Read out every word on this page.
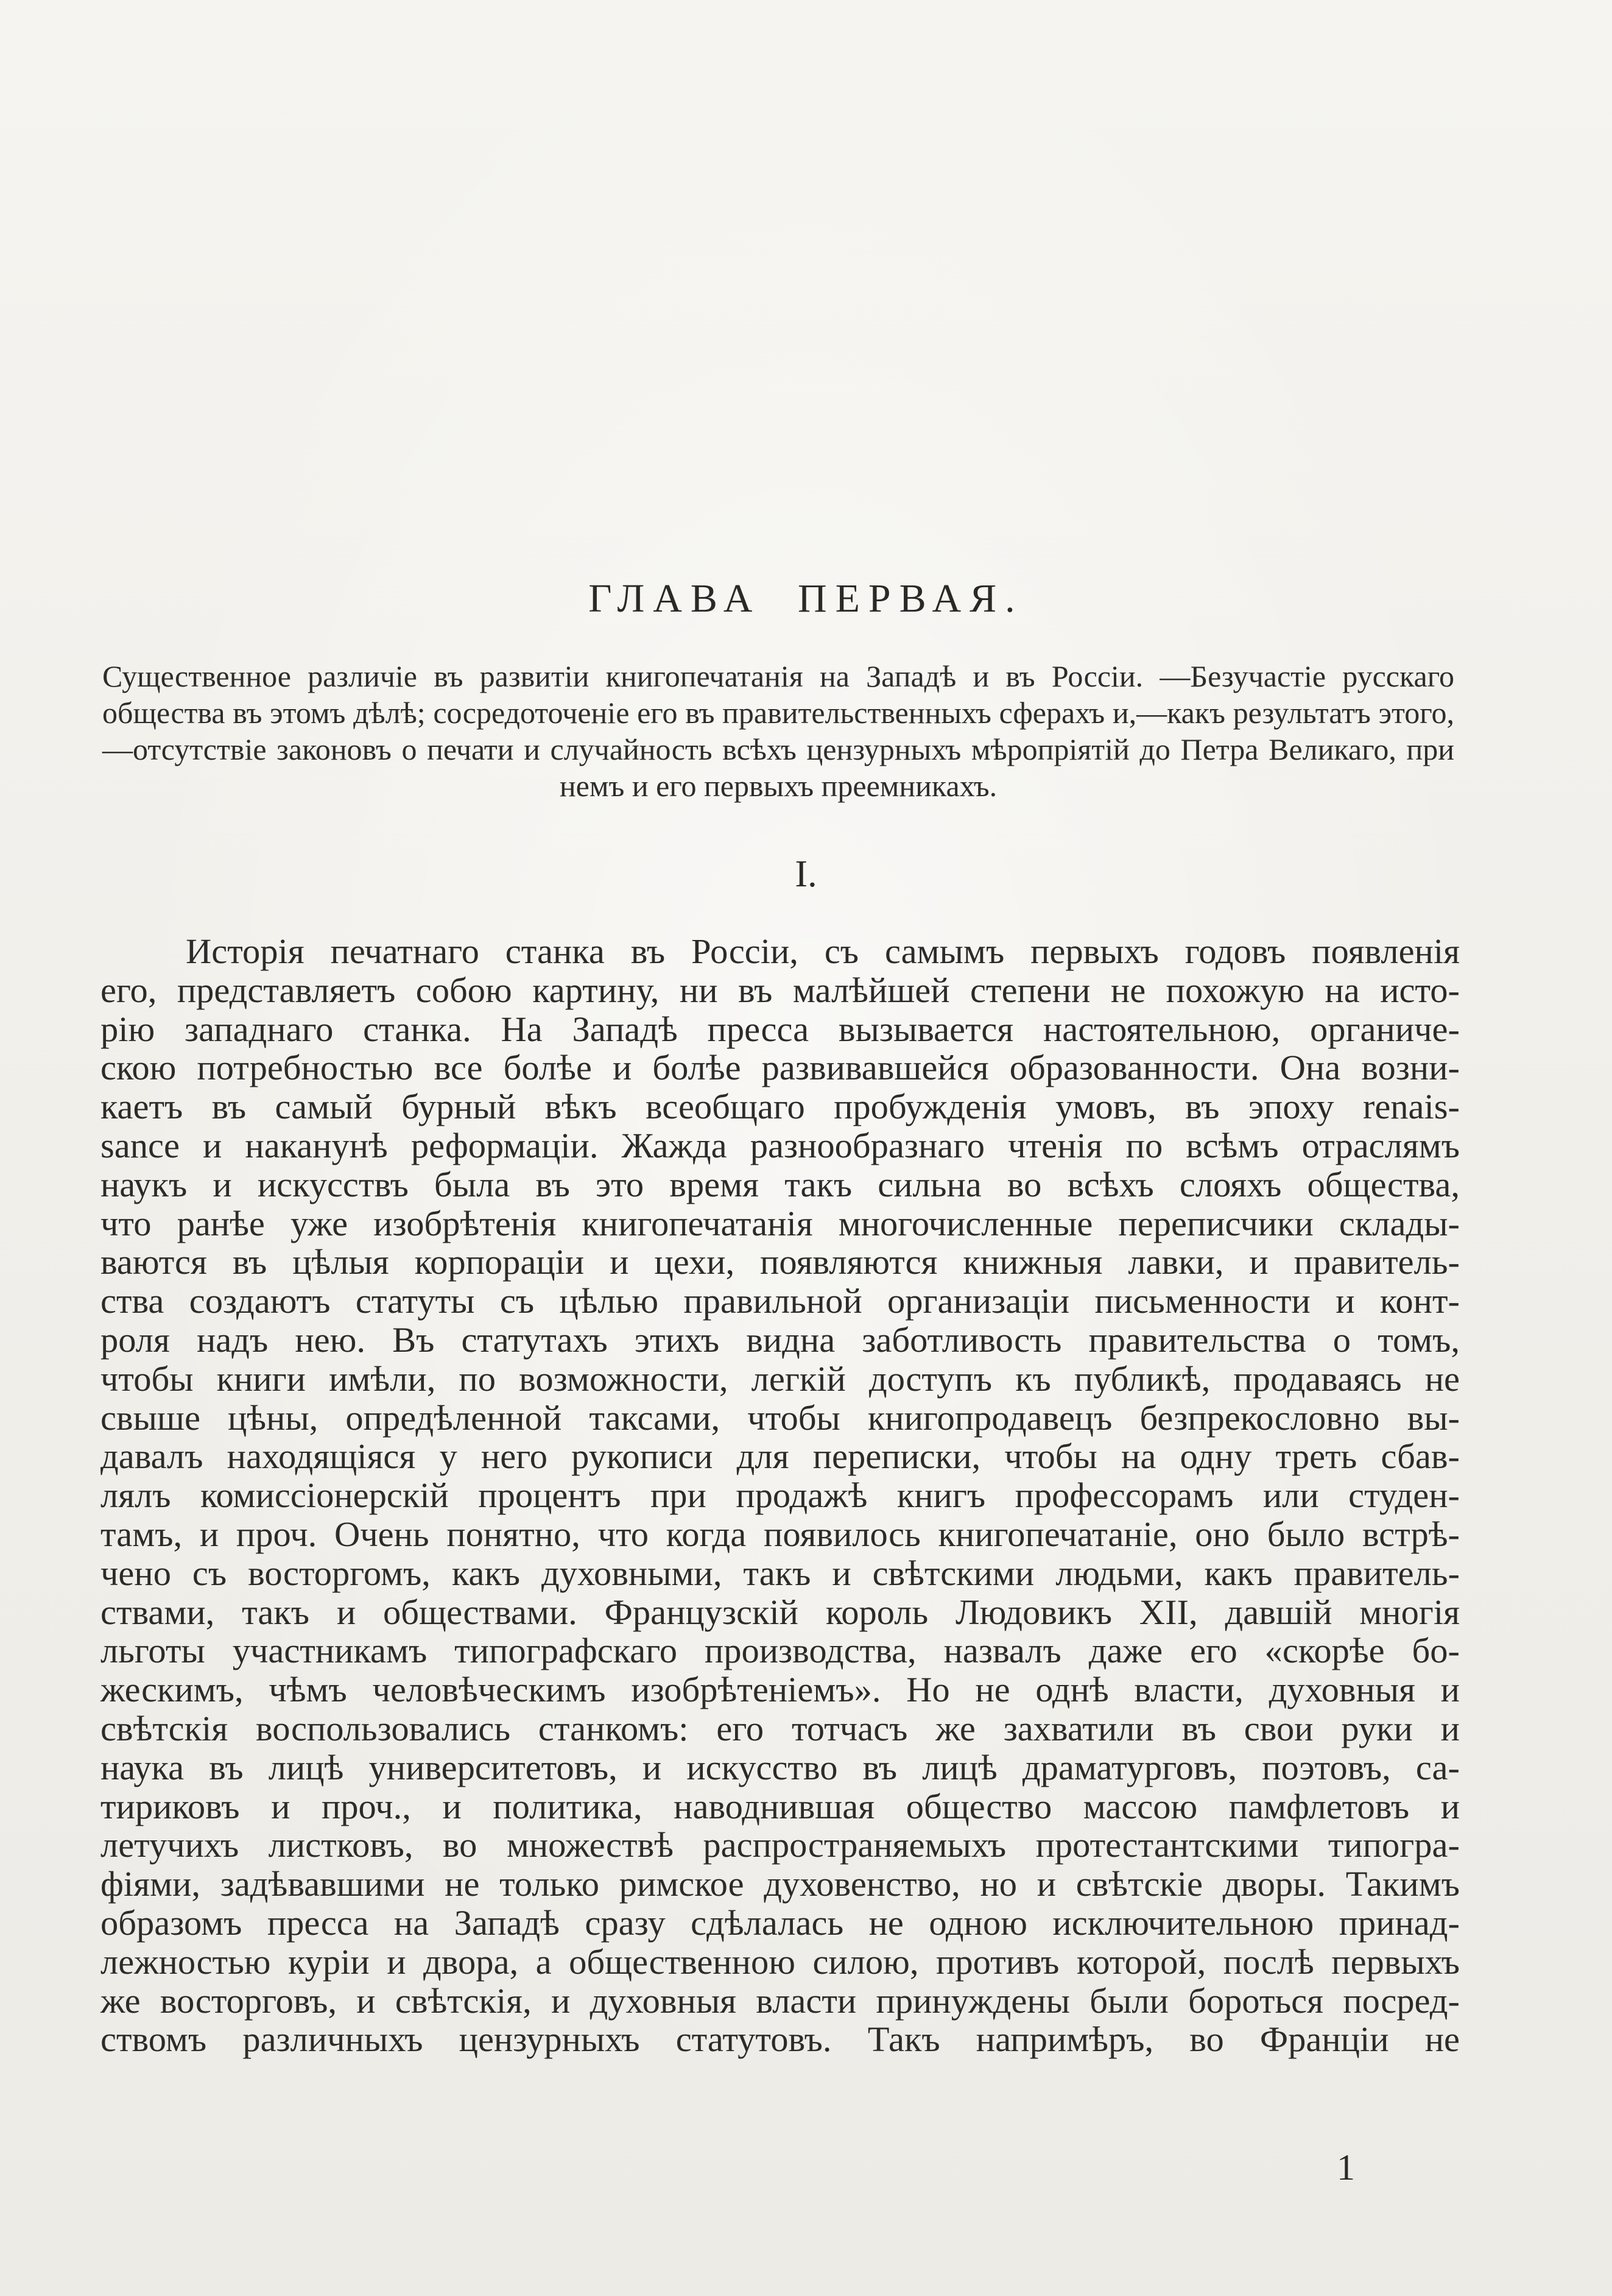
ГЛАВА ПЕРВАЯ.
Существенное различіе въ развитіи книгопечатанія на Западѣ и въ Россіи. —Безучастіе русскаго общества въ этомъ дѣлѣ; сосредоточеніе его въ правительственныхъ сферахъ и,—какъ результатъ этого,—отсутствіе законовъ о печати и случайность всѣхъ цензурныхъ мѣропріятій до Петра Великаго, при немъ и его первыхъ преемникахъ.
I.
Исторія печатнаго станка въ Россіи, съ самымъ первыхъ годовъ появленія
его, представляетъ собою картину, ни въ малѣйшей степени не похожую на исто-
рію западнаго станка. На Западѣ пресса вызывается настоятельною, органиче-
скою потребностью все болѣе и болѣе развивавшейся образованности. Она возни-
каетъ въ самый бурный вѣкъ всеобщаго пробужденія умовъ, въ эпоху renais-
sance и наканунѣ реформаціи. Жажда разнообразнаго чтенія по всѣмъ отраслямъ
наукъ и искусствъ была въ это время такъ сильна во всѣхъ слояхъ общества,
что ранѣе уже изобрѣтенія книгопечатанія многочисленные переписчики склады-
ваются въ цѣлыя корпораціи и цехи, появляются книжныя лавки, и правитель-
ства создаютъ статуты съ цѣлью правильной организаціи письменности и конт-
роля надъ нею. Въ статутахъ этихъ видна заботливость правительства о томъ,
чтобы книги имѣли, по возможности, легкій доступъ къ публикѣ, продаваясь не
свыше цѣны, опредѣленной таксами, чтобы книгопродавецъ безпрекословно вы-
давалъ находящіяся у него рукописи для переписки, чтобы на одну треть сбав-
лялъ комиссіонерскій процентъ при продажѣ книгъ профессорамъ или студен-
тамъ, и проч. Очень понятно, что когда появилось книгопечатаніе, оно было встрѣ-
чено съ восторгомъ, какъ духовными, такъ и свѣтскими людьми, какъ правитель-
ствами, такъ и обществами. Французскій король Людовикъ XII, давшій многія
льготы участникамъ типографскаго производства, назвалъ даже его «скорѣе бо-
жескимъ, чѣмъ человѣческимъ изобрѣтеніемъ». Но не однѣ власти, духовныя и
свѣтскія воспользовались станкомъ: его тотчасъ же захватили въ свои руки и
наука въ лицѣ университетовъ, и искусство въ лицѣ драматурговъ, поэтовъ, са-
тириковъ и проч., и политика, наводнившая общество массою памфлетовъ и
летучихъ листковъ, во множествѣ распространяемыхъ протестантскими типогра-
фіями, задѣвавшими не только римское духовенство, но и свѣтскіе дворы. Такимъ
образомъ пресса на Западѣ сразу сдѣлалась не одною исключительною принад-
лежностью куріи и двора, а общественною силою, противъ которой, послѣ первыхъ
же восторговъ, и свѣтскія, и духовныя власти принуждены были бороться посред-
ствомъ различныхъ цензурныхъ статутовъ. Такъ напримѣръ, во Франціи не
1
